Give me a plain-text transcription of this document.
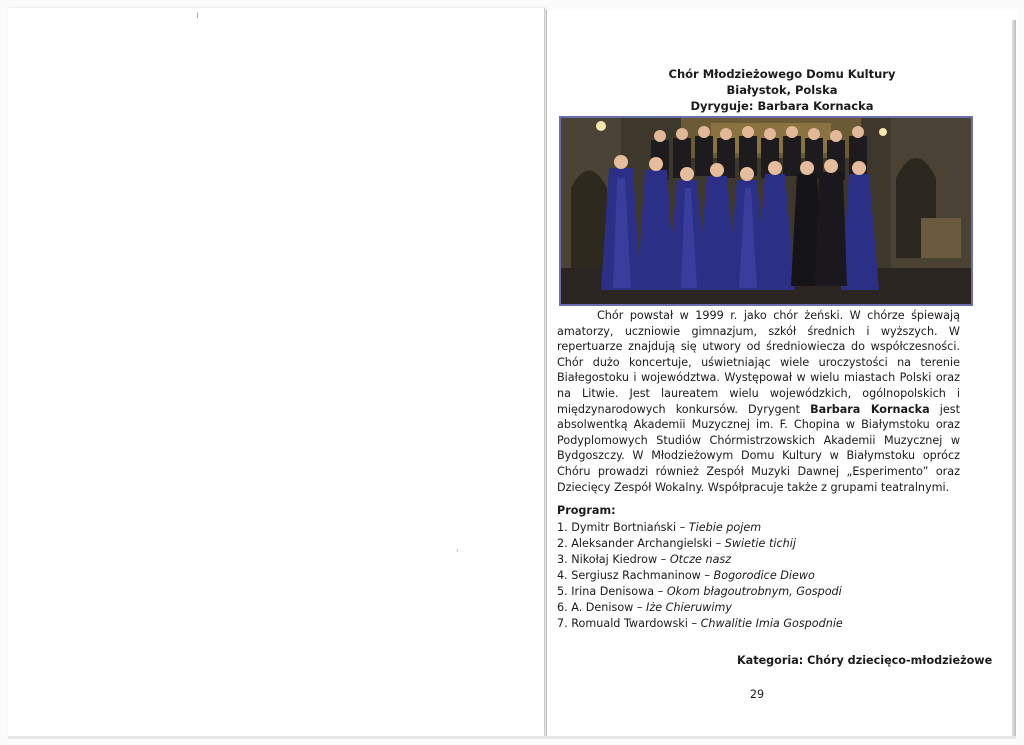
ı
˒
Chór Młodzieżowego Domu Kultury
Białystok, Polska
Dyryguje: Barbara Kornacka
Chór powstał w 1999 r. jako chór żeński. W chórze śpiewają amatorzy, uczniowie gimnazjum, szkół średnich i wyższych. W repertuarze znajdują się utwory od średniowiecza do współczesności. Chór dużo koncertuje, uświetniając wiele uroczystości na terenie Białegostoku i województwa. Występował w wielu miastach Polski oraz na Litwie. Jest laureatem wielu wojewódzkich, ogólnopolskich i międzynarodowych konkursów. Dyrygent Barbara Kornacka jest absolwentką Akademii Muzycznej im. F. Chopina w Białymstoku oraz Podyplomowych Studiów Chórmistrzowskich Akademii Muzycznej w Bydgoszczy. W Młodzieżowym Domu Kultury w Białymstoku oprócz Chóru prowadzi również Zespół Muzyki Dawnej „Esperimento” oraz Dziecięcy Zespół Wokalny. Współpracuje także z grupami teatralnymi.
Program:
1. Dymitr Bortniański – Tiebie pojem
2. Aleksander Archangielski – Swietie tichij
3. Nikołaj Kiedrow – Otcze nasz
4. Sergiusz Rachmaninow – Bogorodice Diewo
5. Irina Denisowa – Okom błagoutrobnym, Gospodi
6. A. Denisow – Iże Chieruwimy
7. Romuald Twardowski – Chwalitie Imia Gospodnie
Kategoria: Chóry dziecięco-młodzieżowe
29
